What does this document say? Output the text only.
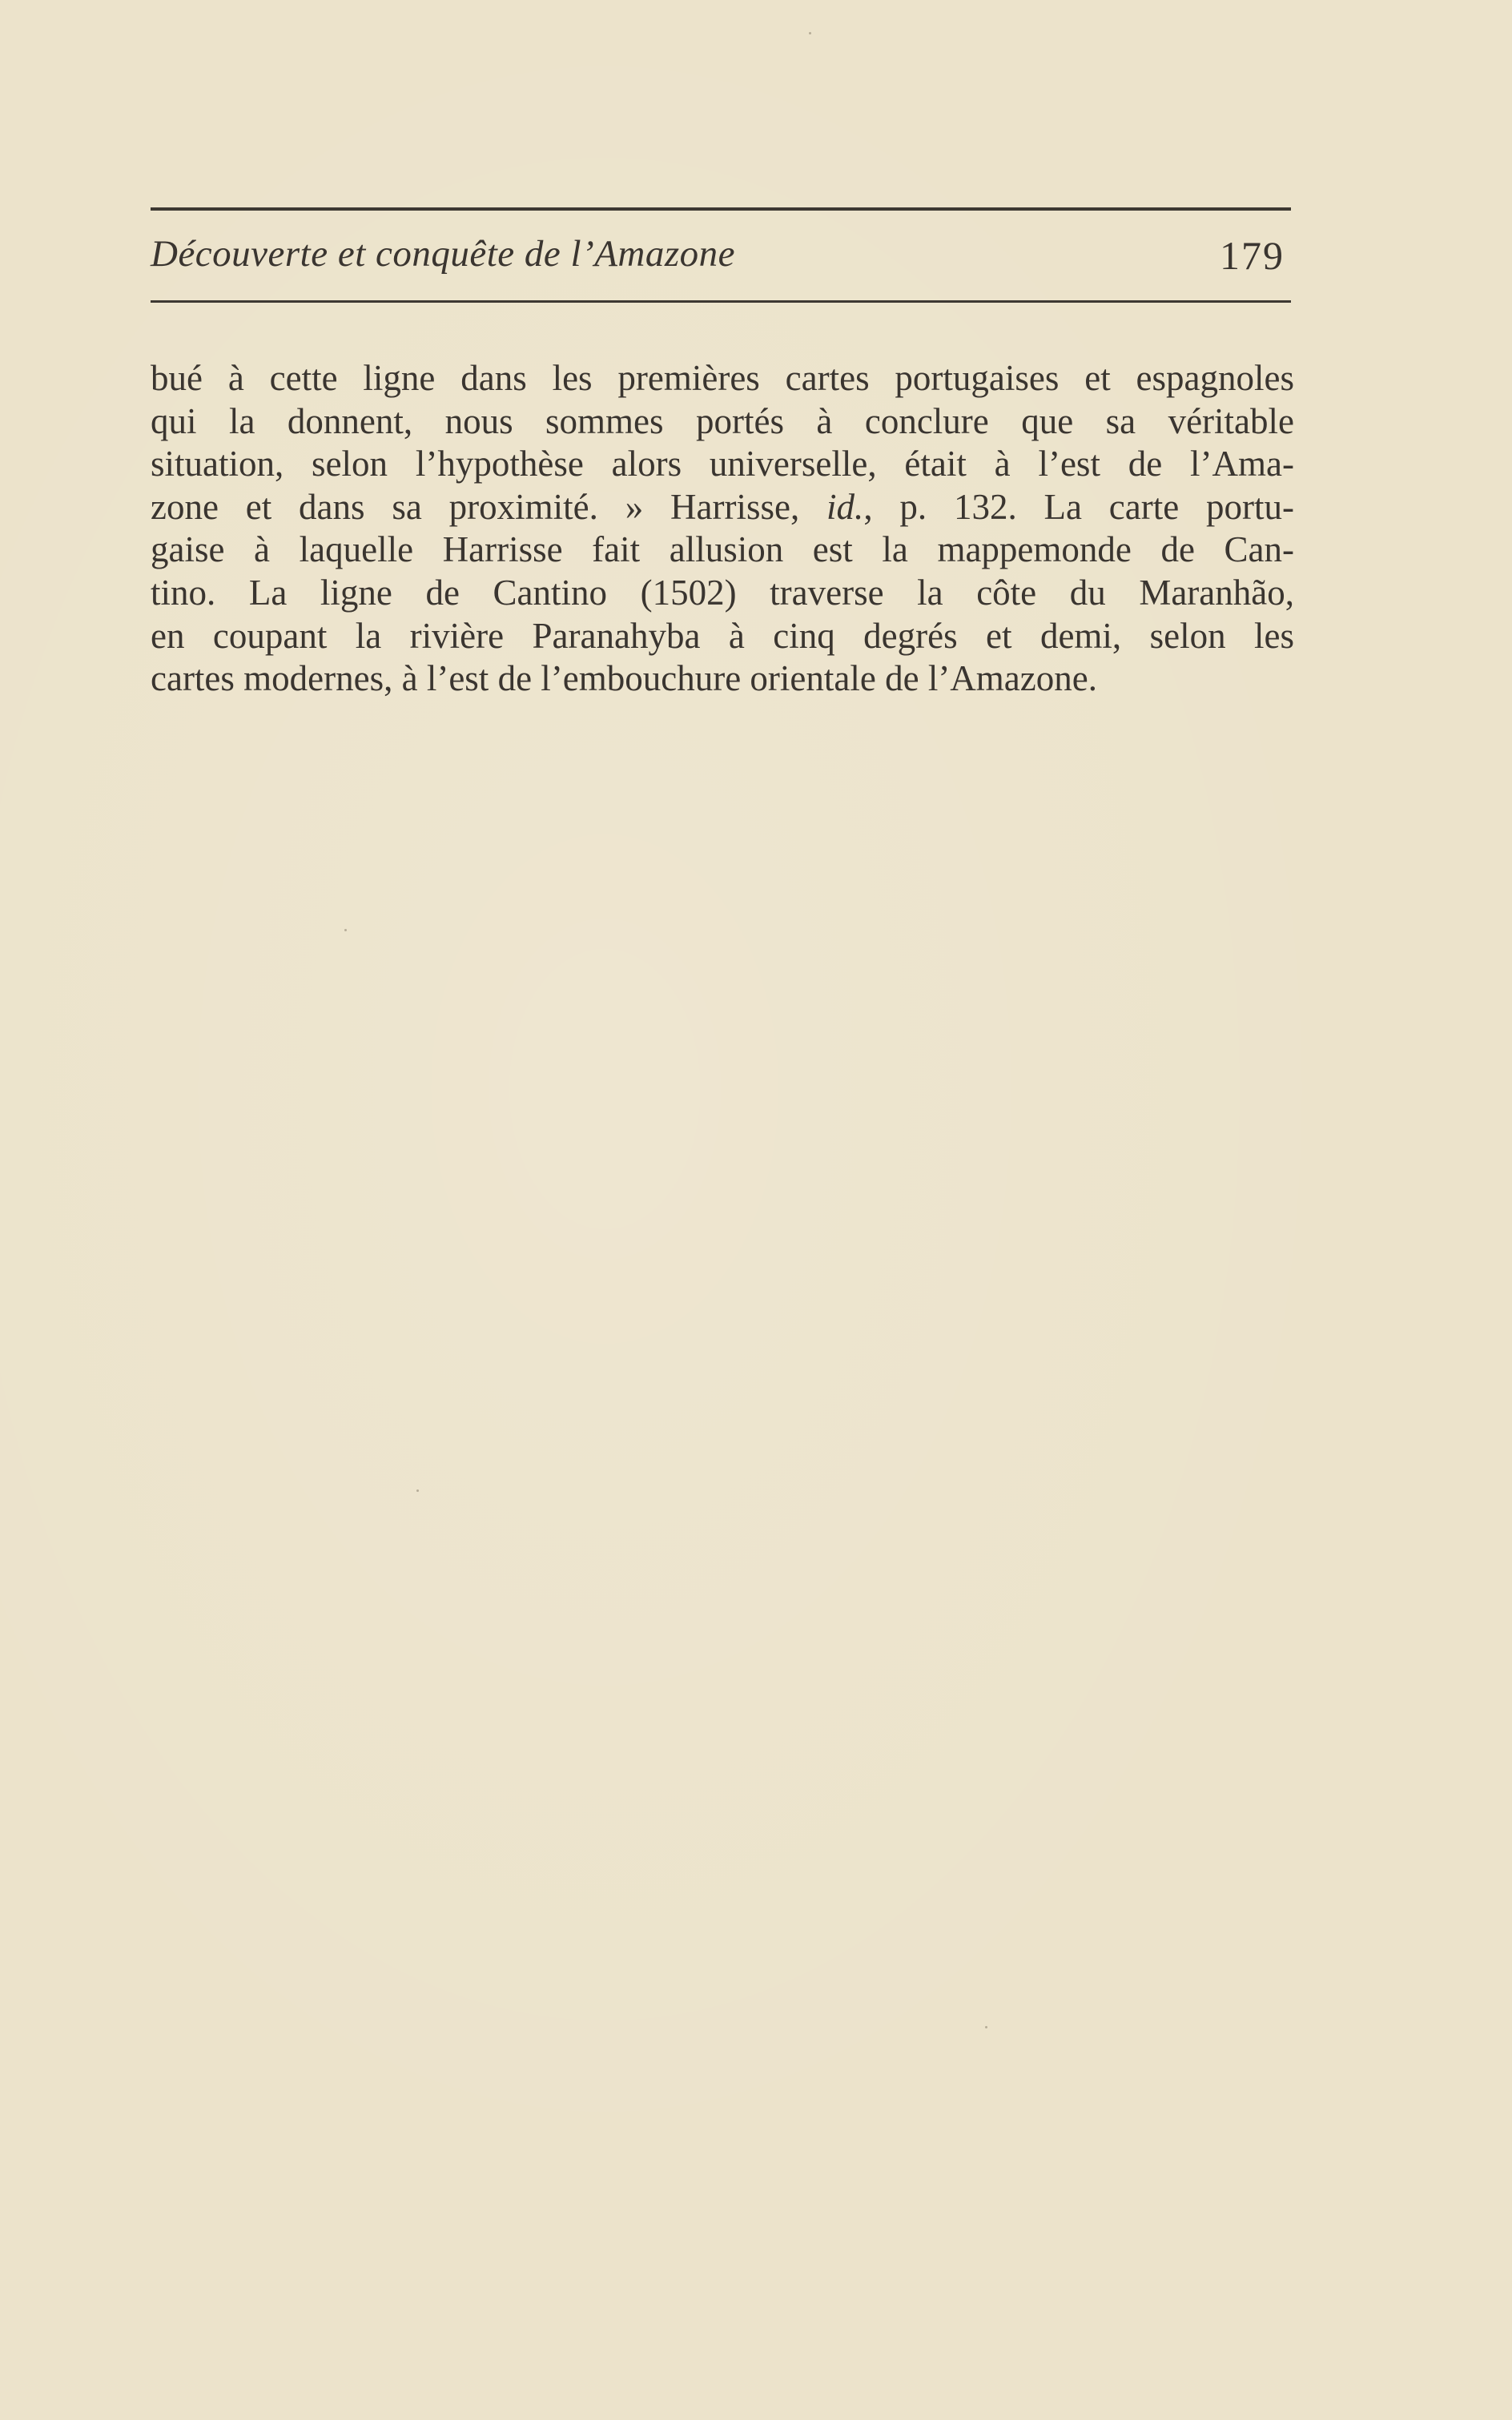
Découverte et conquête de l’Amazone	179
bué à cette ligne dans les premières cartes portugaises et espagnoles
qui la donnent, nous sommes portés à conclure que sa véritable
situation, selon l’hypothèse alors universelle, était à l’est de l’Ama-
zone et dans sa proximité. » Harrisse, id., p. 132. La carte portu-
gaise à laquelle Harrisse fait allusion est la mappemonde de Can-
tino. La ligne de Cantino (1502) traverse la côte du Maranhão,
en coupant la rivière Paranahyba à cinq degrés et demi, selon les
cartes modernes, à l’est de l’embouchure orientale de l’Amazone.
